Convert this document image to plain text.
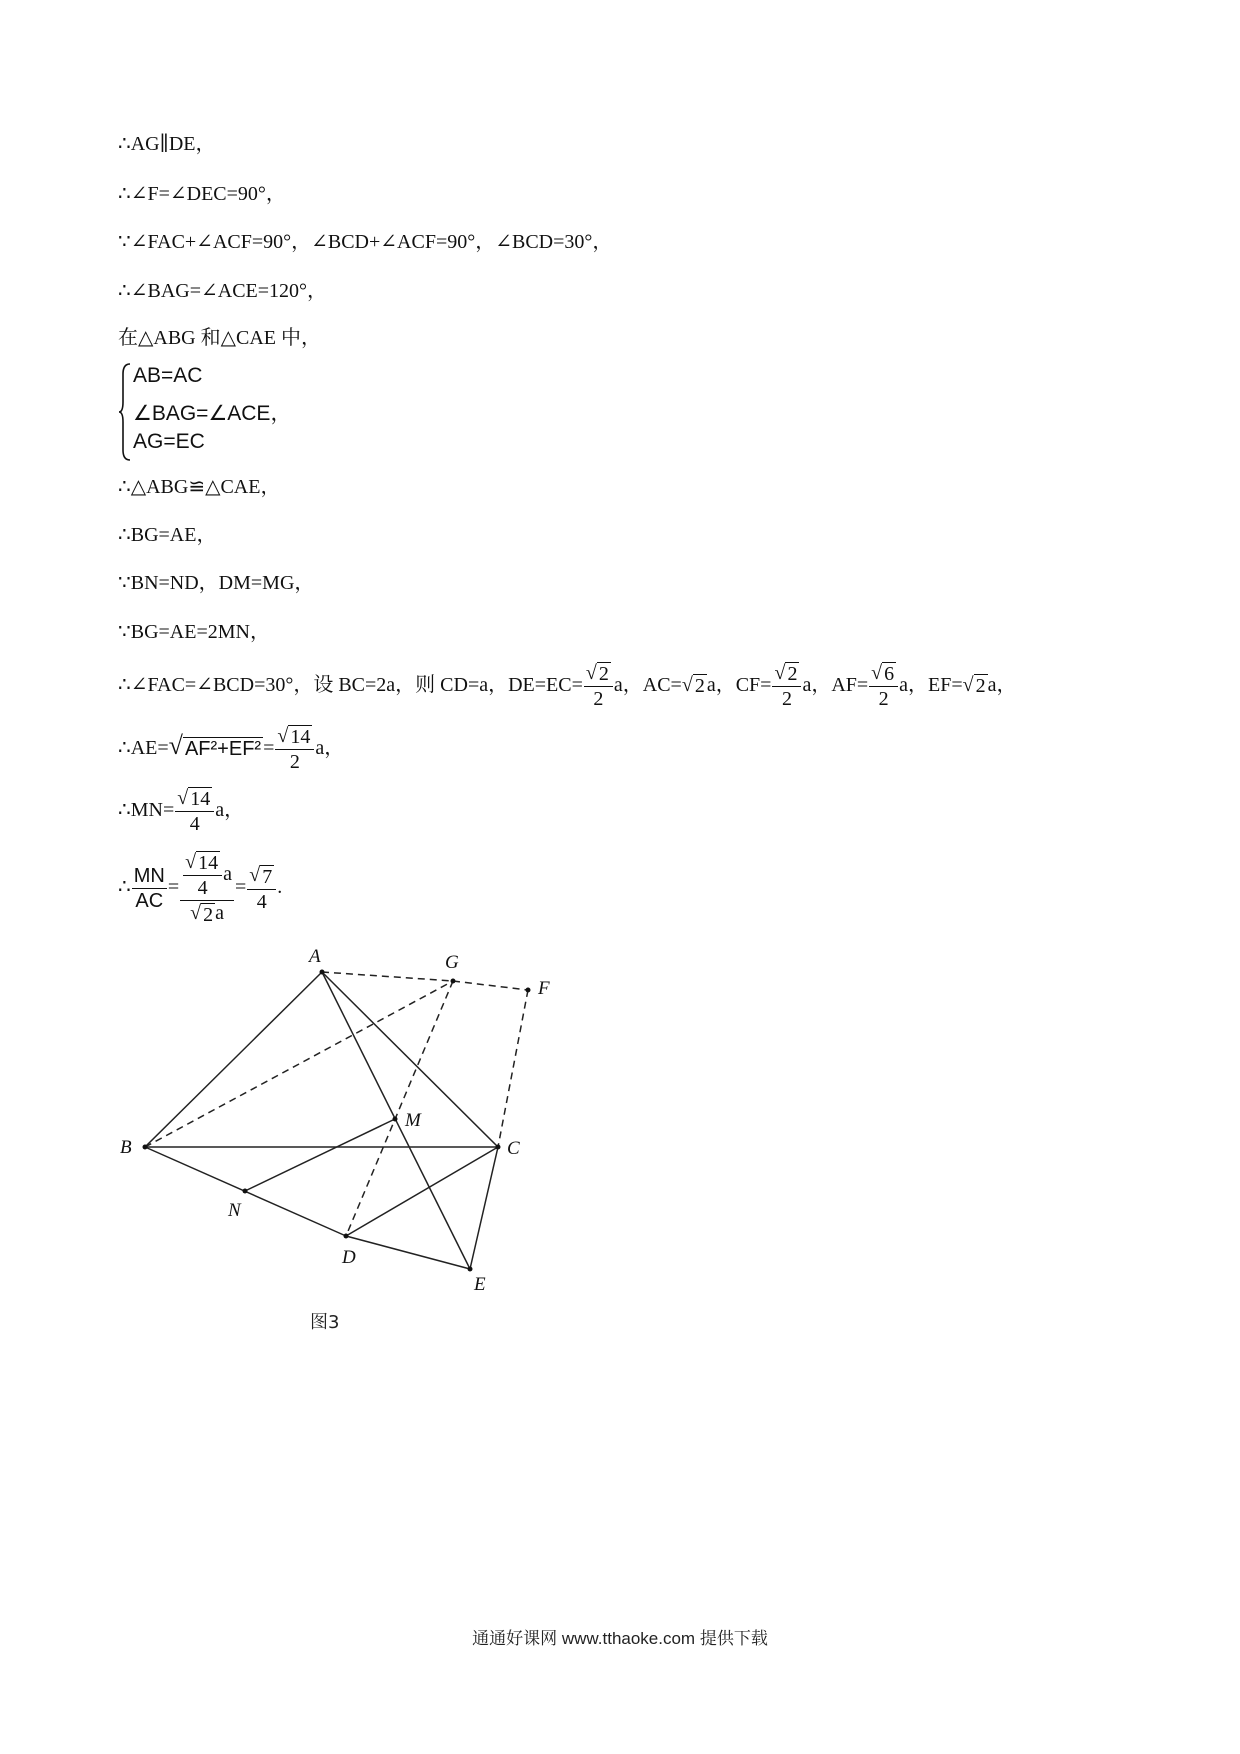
∴AG∥DE，
∴∠F=∠DEC=90°，
∵∠FAC+∠ACF=90°，∠BCD+∠ACF=90°，∠BCD=30°，
∴∠BAG=∠ACE=120°，
在△ABG 和△CAE 中，
AB=AC
∠BAG=∠ACE，
AG=EC
∴△ABG≌△CAE，
∴BG=AE，
∵BN=ND，DM=MG，
∵BG=AE=2MN，
∴∠FAC=∠BCD=30°，设 BC=2a，则 CD=a，$DE=EC= \frac{√ 2}{2}$ a，AC=√ 2 a，$CF= \frac{√ 2}{2}$ a，$AF= \frac{√ 6}{2}$ a，EF=√ 2 a，
∴AE=√ $AF^2+EF^2 = \frac{√ 14}{2}$ a，
∴MN= $\frac{√ 14}{4}$ a，
∴ $\frac{MN}{AC} = \frac{\frac{√ 14}{4} a}{√ 2 a} = \frac{√ 7}{4}$ .
A
B	C
D
E
F
G
M
N
图3
通通好课网 www.tthaoke.com 提供下载
